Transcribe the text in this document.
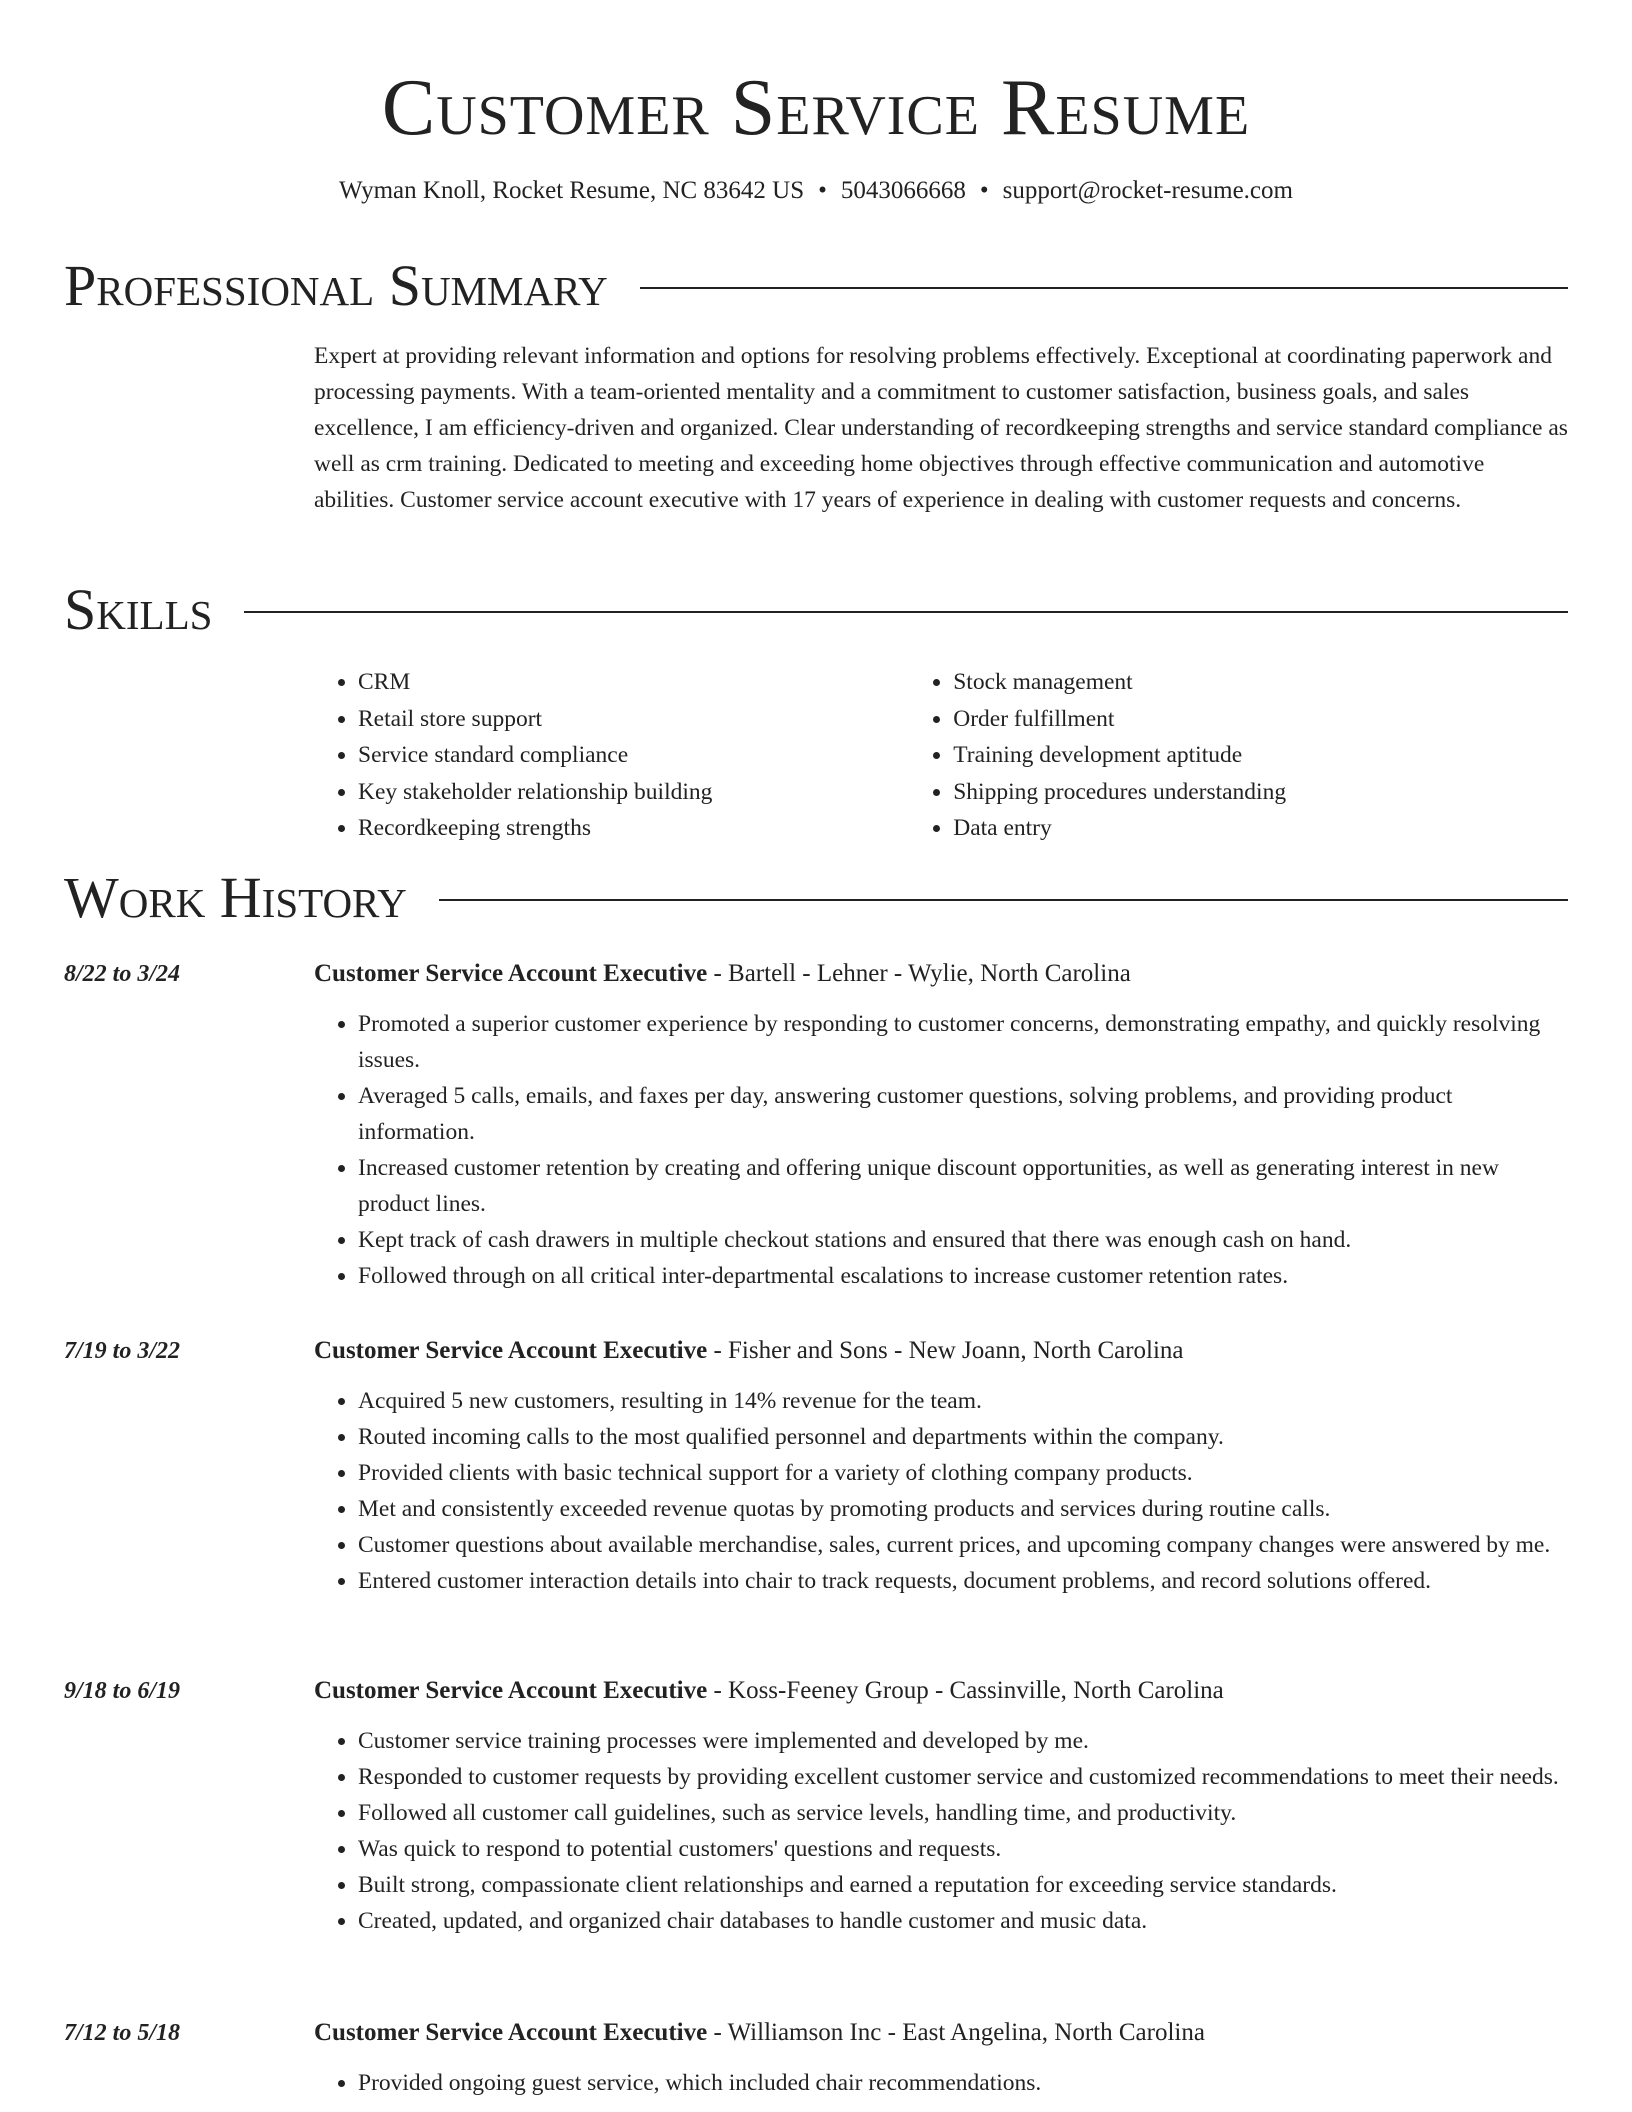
Customer Service Resume
Wyman Knoll, Rocket Resume, NC 83642 US • 5043066668 • support@rocket-resume.com
Professional Summary

Expert at providing relevant information and options for resolving problems effectively. Exceptional at coordinating paperwork and processing payments. With a team-oriented mentality and a commitment to customer satisfaction, business goals, and sales excellence, I am efficiency-driven and organized. Clear understanding of recordkeeping strengths and service standard compliance as well as crm training. Dedicated to meeting and exceeding home objectives through effective communication and automotive abilities. Customer service account executive with 17 years of experience in dealing with customer requests and concerns.

Skills
• CRM
• Retail store support
• Service standard compliance
• Key stakeholder relationship building
• Recordkeeping strengths
• Stock management
• Order fulfillment
• Training development aptitude
• Shipping procedures understanding
• Data entry
Work History
8/22 to 3/24	Customer Service Account Executive - Bartell - Lehner - Wylie, North Carolina
• Promoted a superior customer experience by responding to customer concerns, demonstrating empathy, and quickly resolving issues.
• Averaged 5 calls, emails, and faxes per day, answering customer questions, solving problems, and providing product information.
• Increased customer retention by creating and offering unique discount opportunities, as well as generating interest in new product lines.
• Kept track of cash drawers in multiple checkout stations and ensured that there was enough cash on hand.
• Followed through on all critical inter-departmental escalations to increase customer retention rates.
7/19 to 3/22	Customer Service Account Executive - Fisher and Sons - New Joann, North Carolina
• Acquired 5 new customers, resulting in 14% revenue for the team.
• Routed incoming calls to the most qualified personnel and departments within the company.
• Provided clients with basic technical support for a variety of clothing company products.
• Met and consistently exceeded revenue quotas by promoting products and services during routine calls.
• Customer questions about available merchandise, sales, current prices, and upcoming company changes were answered by me.
• Entered customer interaction details into chair to track requests, document problems, and record solutions offered.
9/18 to 6/19	Customer Service Account Executive - Koss-Feeney Group - Cassinville, North Carolina
• Customer service training processes were implemented and developed by me.
• Responded to customer requests by providing excellent customer service and customized recommendations to meet their needs.
• Followed all customer call guidelines, such as service levels, handling time, and productivity.
• Was quick to respond to potential customers' questions and requests.
• Built strong, compassionate client relationships and earned a reputation for exceeding service standards.
• Created, updated, and organized chair databases to handle customer and music data.
7/12 to 5/18	Customer Service Account Executive - Williamson Inc - East Angelina, North Carolina
• Provided ongoing guest service, which included chair recommendations.
